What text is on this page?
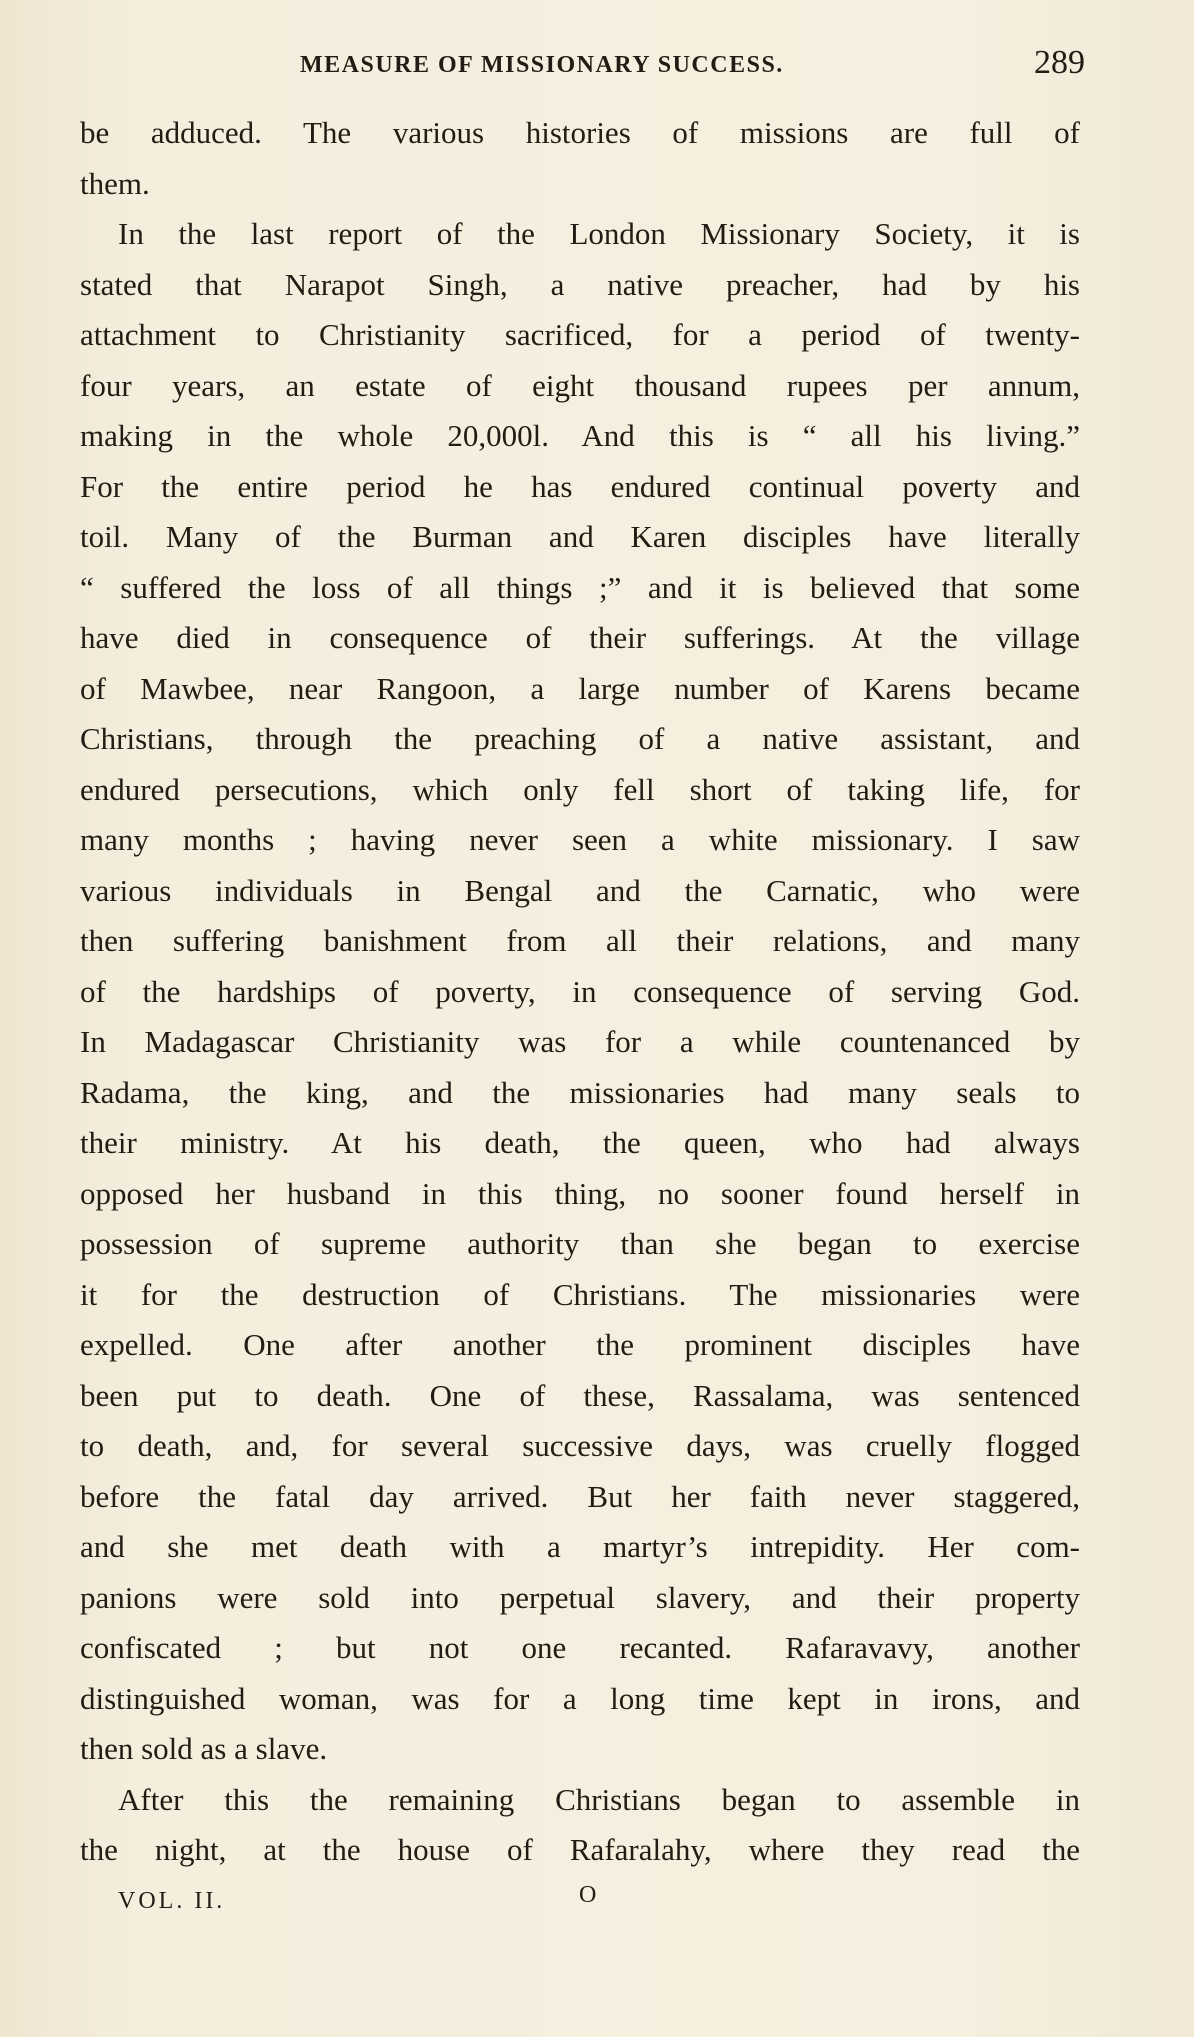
MEASURE OF MISSIONARY SUCCESS.	289
be adduced. The various histories of missions are full of
them.
In the last report of the London Missionary Society, it is
stated that Narapot Singh, a native preacher, had by his
attachment to Christianity sacrificed, for a period of twenty-
four years, an estate of eight thousand rupees per annum,
making in the whole 20,000l. And this is “ all his living.”
For the entire period he has endured continual poverty and
toil. Many of the Burman and Karen disciples have literally
“ suffered the loss of all things ;” and it is believed that some
have died in consequence of their sufferings. At the village
of Mawbee, near Rangoon, a large number of Karens became
Christians, through the preaching of a native assistant, and
endured persecutions, which only fell short of taking life, for
many months ; having never seen a white missionary. I saw
various individuals in Bengal and the Carnatic, who were
then suffering banishment from all their relations, and many
of the hardships of poverty, in consequence of serving God.
In Madagascar Christianity was for a while countenanced by
Radama, the king, and the missionaries had many seals to
their ministry. At his death, the queen, who had always
opposed her husband in this thing, no sooner found herself in
possession of supreme authority than she began to exercise
it for the destruction of Christians. The missionaries were
expelled. One after another the prominent disciples have
been put to death. One of these, Rassalama, was sentenced
to death, and, for several successive days, was cruelly flogged
before the fatal day arrived. But her faith never staggered,
and she met death with a martyr’s intrepidity. Her com-
panions were sold into perpetual slavery, and their property
confiscated ; but not one recanted. Rafaravavy, another
distinguished woman, was for a long time kept in irons, and
then sold as a slave.
After this the remaining Christians began to assemble in
the night, at the house of Rafaralahy, where they read the
VOL. II.	O
